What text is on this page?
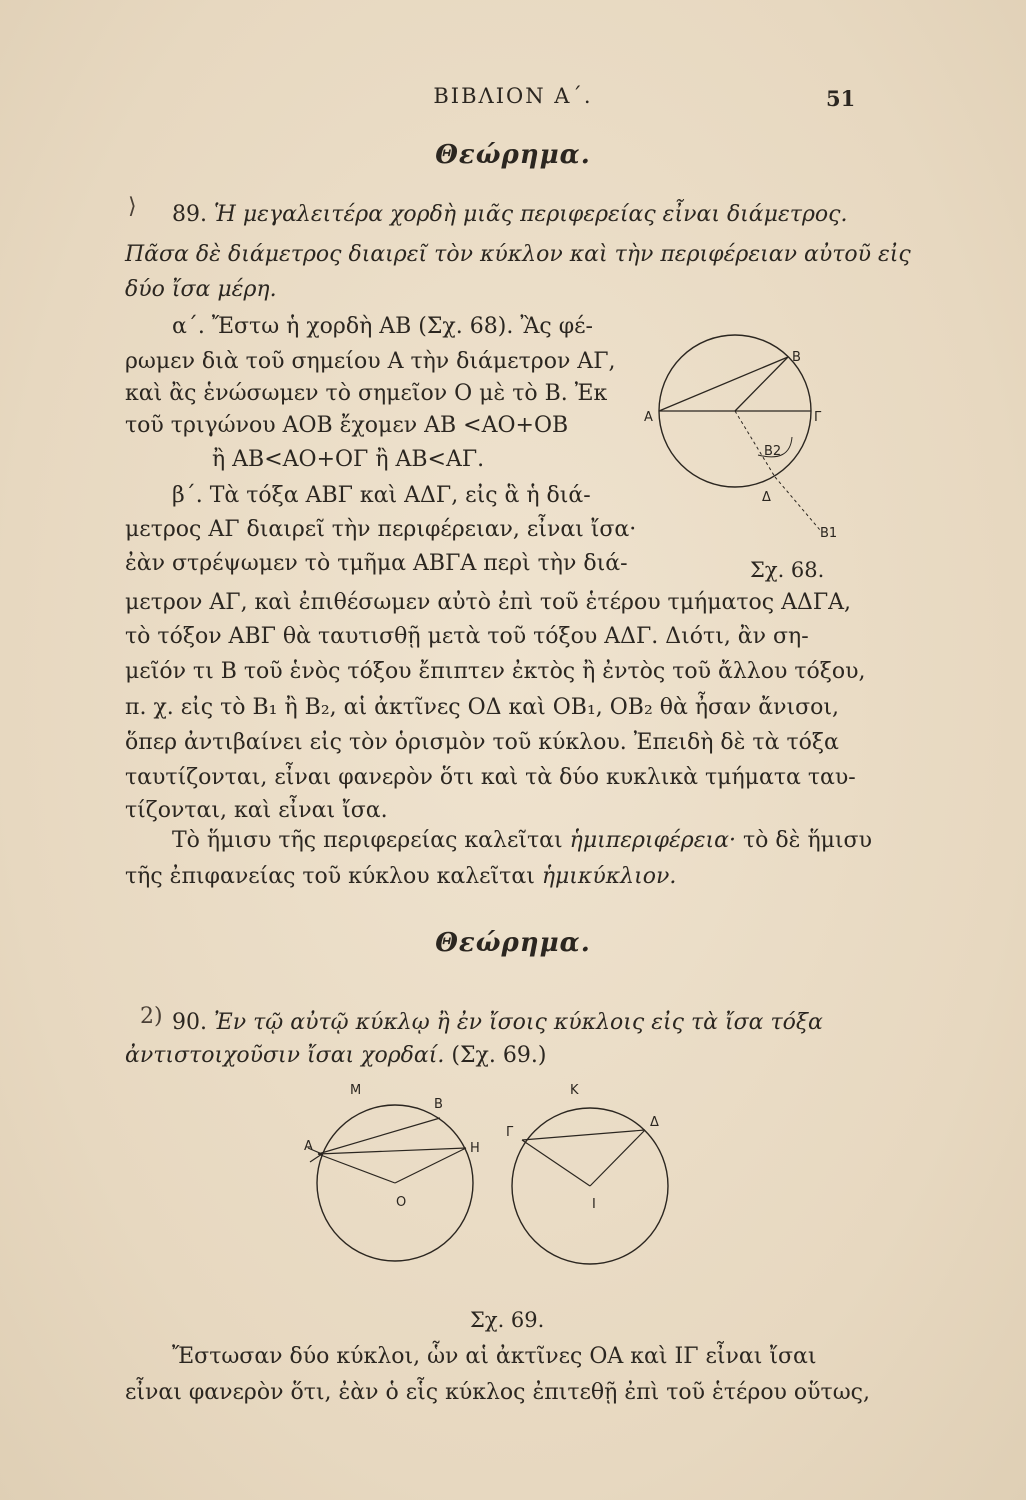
ΒΙΒΛΙΟΝ Α΄.	51
Θεώρημα.
⟩ 89. Ἡ μεγαλειτέρα χορδὴ μιᾶς περιφερείας εἶναι διάμετρος.
Πᾶσα δὲ διάμετρος διαιρεῖ τὸν κύκλον καὶ τὴν περιφέρειαν αὐτοῦ εἰς
δύο ἴσα μέρη.
α΄. Ἔστω ἡ χορδὴ ΑΒ (Σχ. 68). Ἂς φέ-
ρωμεν διὰ τοῦ σημείου Α τὴν διάμετρον ΑΓ,
καὶ ἂς ἑνώσωμεν τὸ σημεῖον Ο μὲ τὸ Β. Ἐκ
τοῦ τριγώνου ΑΟΒ ἔχομεν ΑΒ <ΑΟ+ΟΒ
ἢ ΑΒ<ΑΟ+ΟΓ ἢ ΑΒ<ΑΓ.
β΄. Τὰ τόξα ΑΒΓ καὶ ΑΔΓ, εἰς ἃ ἡ διά-
μετρος ΑΓ διαιρεῖ τὴν περιφέρειαν, εἶναι ἴσα·
ἐὰν στρέψωμεν τὸ τμῆμα ΑΒΓΑ περὶ τὴν διά-
μετρον ΑΓ, καὶ ἐπιθέσωμεν αὐτὸ ἐπὶ τοῦ ἑτέρου τμήματος ΑΔΓΑ,
τὸ τόξον ΑΒΓ θὰ ταυτισθῇ μετὰ τοῦ τόξου ΑΔΓ. Διότι, ἂν ση-
μεῖόν τι Β τοῦ ἑνὸς τόξου ἔπιπτεν ἐκτὸς ἢ ἐντὸς τοῦ ἄλλου τόξου,
π. χ. εἰς τὸ Β₁ ἢ Β₂, αἱ ἀκτῖνες ΟΔ καὶ ΟΒ₁, ΟΒ₂ θὰ ἦσαν ἄνισοι,
ὅπερ ἀντιβαίνει εἰς τὸν ὁρισμὸν τοῦ κύκλου. Ἐπειδὴ δὲ τὰ τόξα
ταυτίζονται, εἶναι φανερὸν ὅτι καὶ τὰ δύο κυκλικὰ τμήματα ταυ-
τίζονται, καὶ εἶναι ἴσα.
Τὸ ἥμισυ τῆς περιφερείας καλεῖται ἡμιπεριφέρεια· τὸ δὲ ἥμισυ
τῆς ἐπιφανείας τοῦ κύκλου καλεῖται ἡμικύκλιον.
B
A	Γ
B2
Δ
B1
Σχ. 68.
Θεώρημα.
2) 90. Ἐν τῷ αὐτῷ κύκλῳ ἢ ἐν ἴσοις κύκλοις εἰς τὰ ἴσα τόξα
ἀντιστοιχοῦσιν ἴσαι χορδαί. (Σχ. 69.)
M
B
A	H
O
K
Γ
Δ
I
Σχ. 69.
Ἔστωσαν δύο κύκλοι, ὧν αἱ ἀκτῖνες ΟΑ καὶ ΙΓ εἶναι ἴσαι
εἶναι φανερὸν ὅτι, ἐὰν ὁ εἷς κύκλος ἐπιτεθῇ ἐπὶ τοῦ ἑτέρου οὕτως,
